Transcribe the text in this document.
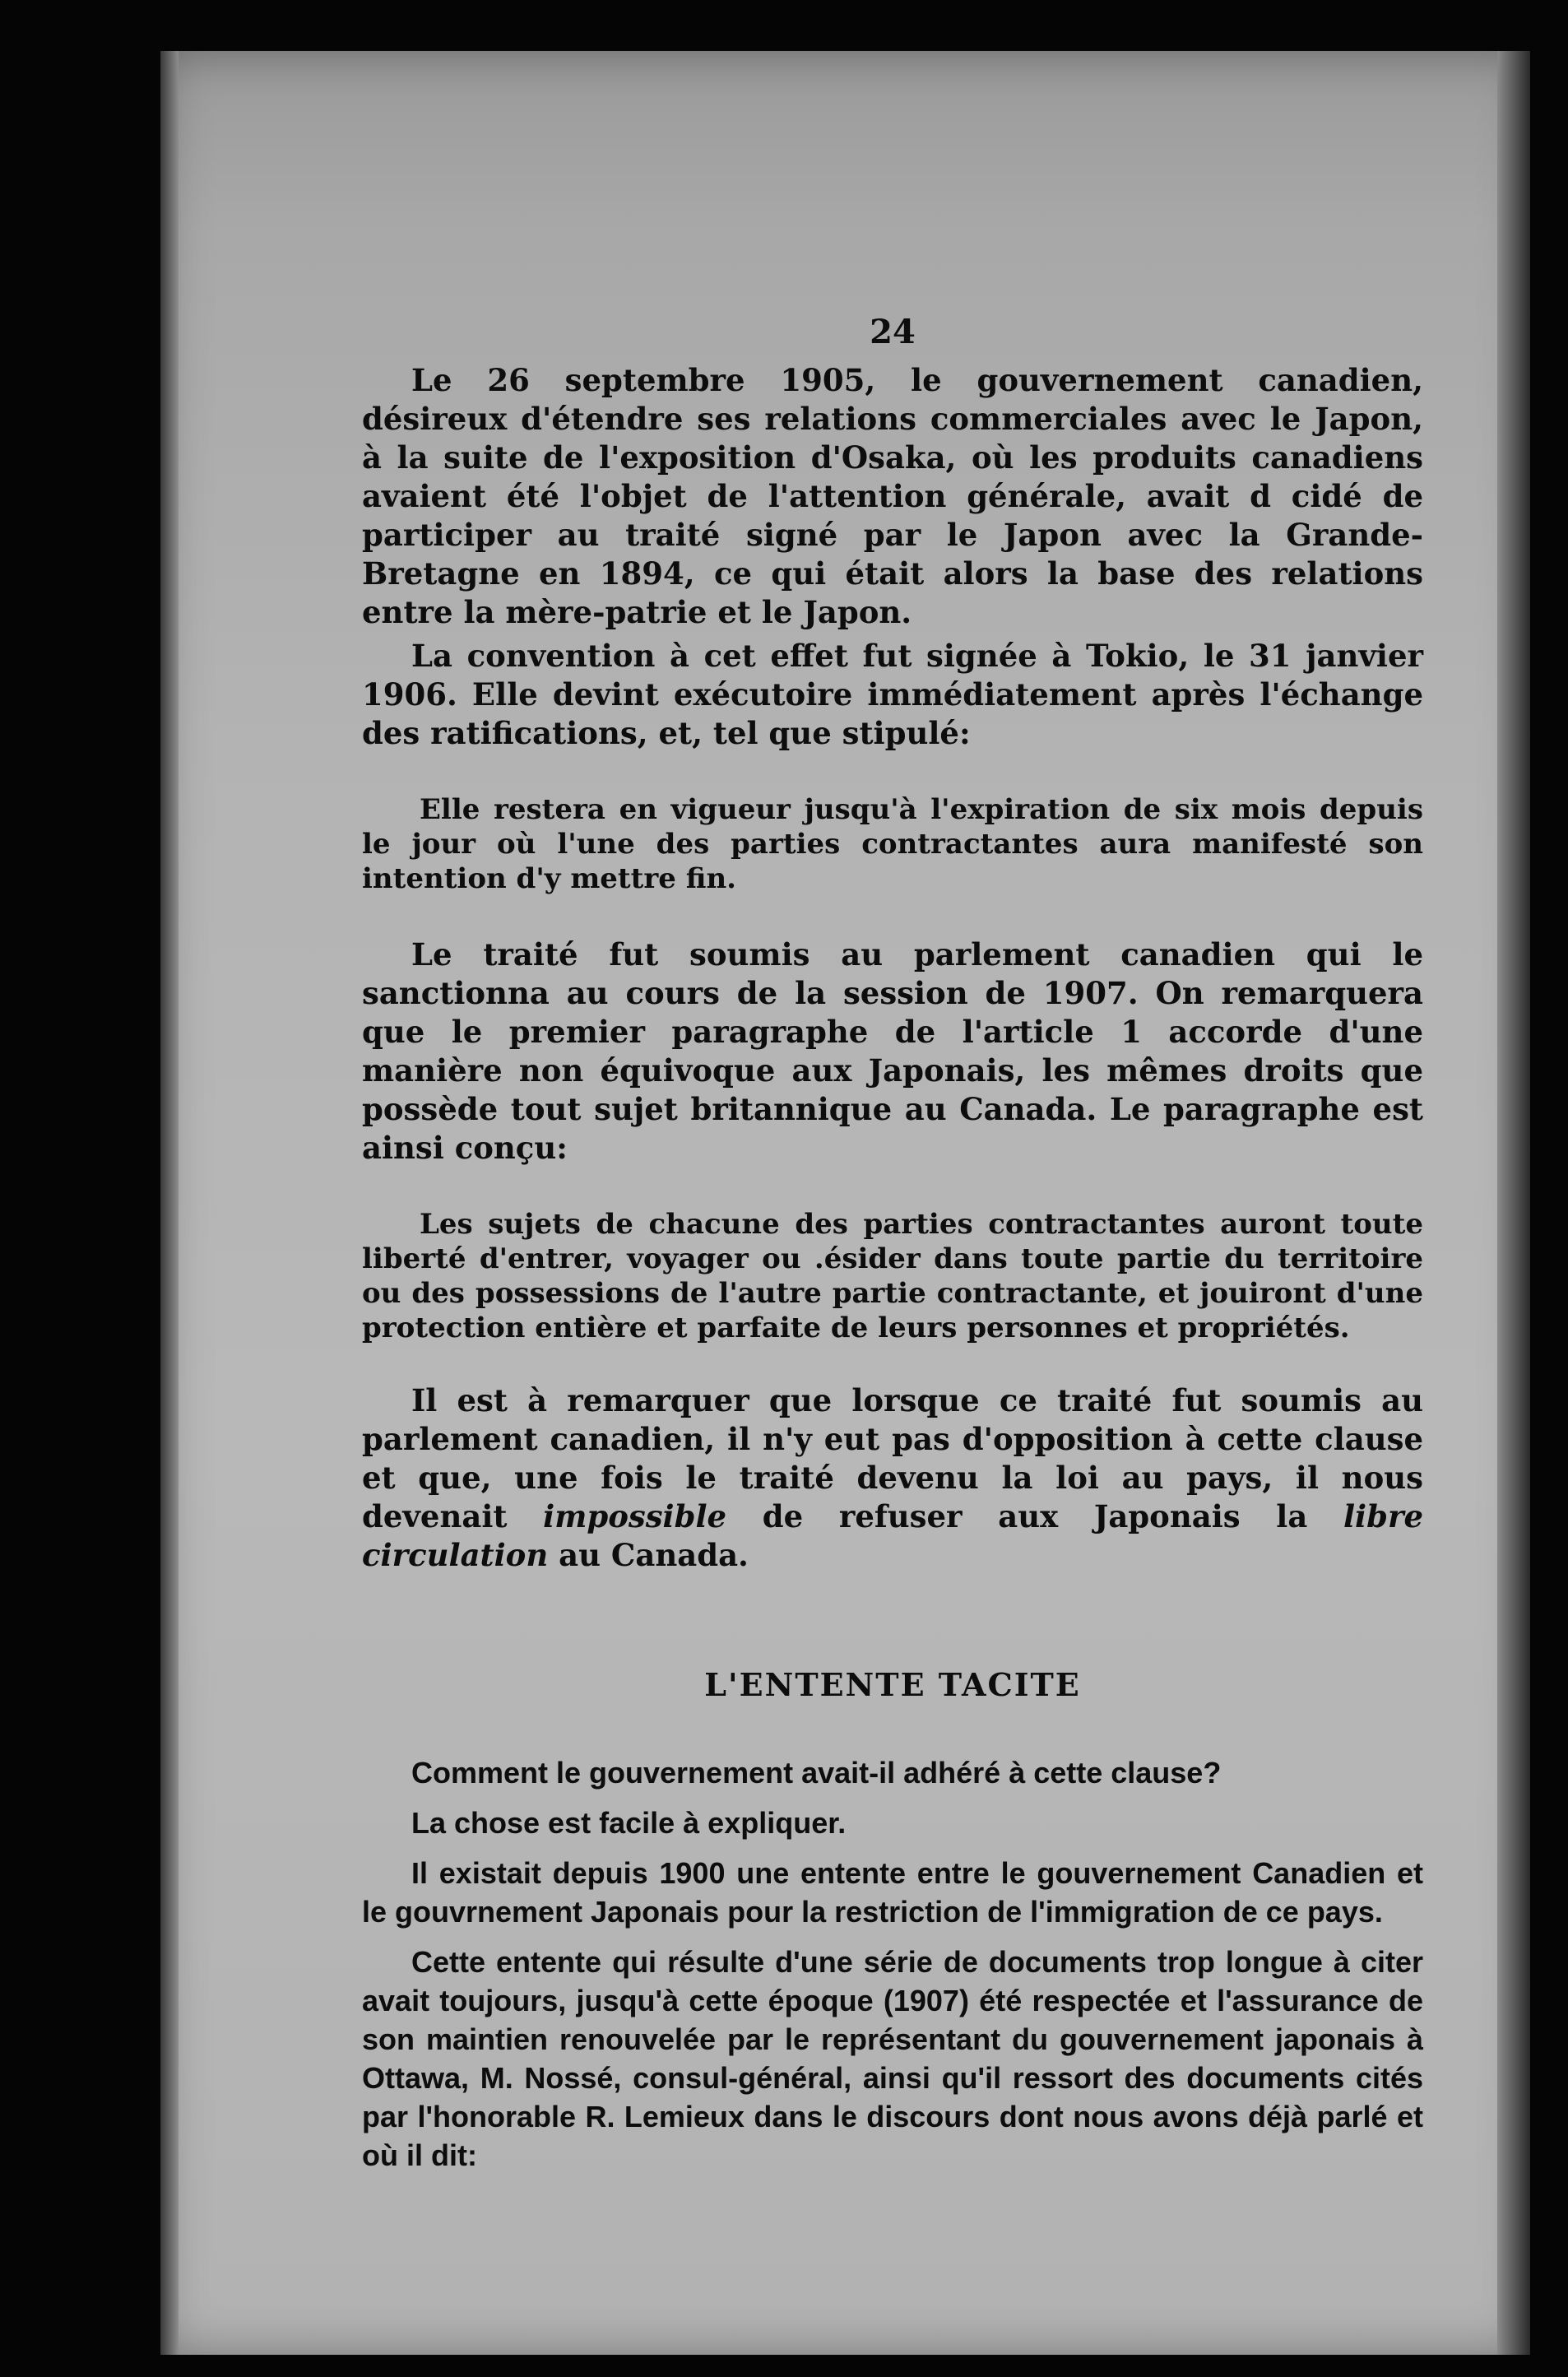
24

Le 26 septembre 1905, le gouvernement canadien, désireux d'étendre ses relations commerciales avec le Japon, à la suite de l'exposition d'Osaka, où les produits canadiens avaient été l'objet de l'attention générale, avait d cidé de participer au traité signé par le Japon avec la Grande-Bretagne en 1894, ce qui était alors la base des relations entre la mère-patrie et le Japon.

La convention à cet effet fut signée à Tokio, le 31 janvier 1906. Elle devint exécutoire immédiatement après l'échange des ratifications, et, tel que stipulé:

Elle restera en vigueur jusqu'à l'expiration de six mois depuis le jour où l'une des parties contractantes aura manifesté son intention d'y mettre fin.

Le traité fut soumis au parlement canadien qui le sanctionna au cours de la session de 1907. On remarquera que le premier paragraphe de l'article 1 accorde d'une manière non équivoque aux Japonais, les mêmes droits que possède tout sujet britannique au Canada. Le paragraphe est ainsi conçu:

Les sujets de chacune des parties contractantes auront toute liberté d'entrer, voyager ou .ésider dans toute partie du territoire ou des possessions de l'autre partie contractante, et jouiront d'une protection entière et parfaite de leurs personnes et propriétés.

Il est à remarquer que lorsque ce traité fut soumis au parlement canadien, il n'y eut pas d'opposition à cette clause et que, une fois le traité devenu la loi au pays, il nous devenait impossible de refuser aux Japonais la libre circulation au Canada.

L'ENTENTE TACITE

Comment le gouvernement avait-il adhéré à cette clause?

La chose est facile à expliquer.

Il existait depuis 1900 une entente entre le gouvernement Canadien et le gouvrnement Japonais pour la restriction de l'immigration de ce pays.

Cette entente qui résulte d'une série de documents trop longue à citer avait toujours, jusqu'à cette époque (1907) été respectée et l'assurance de son maintien renouvelée par le représentant du gouvernement japonais à Ottawa, M. Nossé, consul-général, ainsi qu'il ressort des documents cités par l'honorable R. Lemieux dans le discours dont nous avons déjà parlé et où il dit:
